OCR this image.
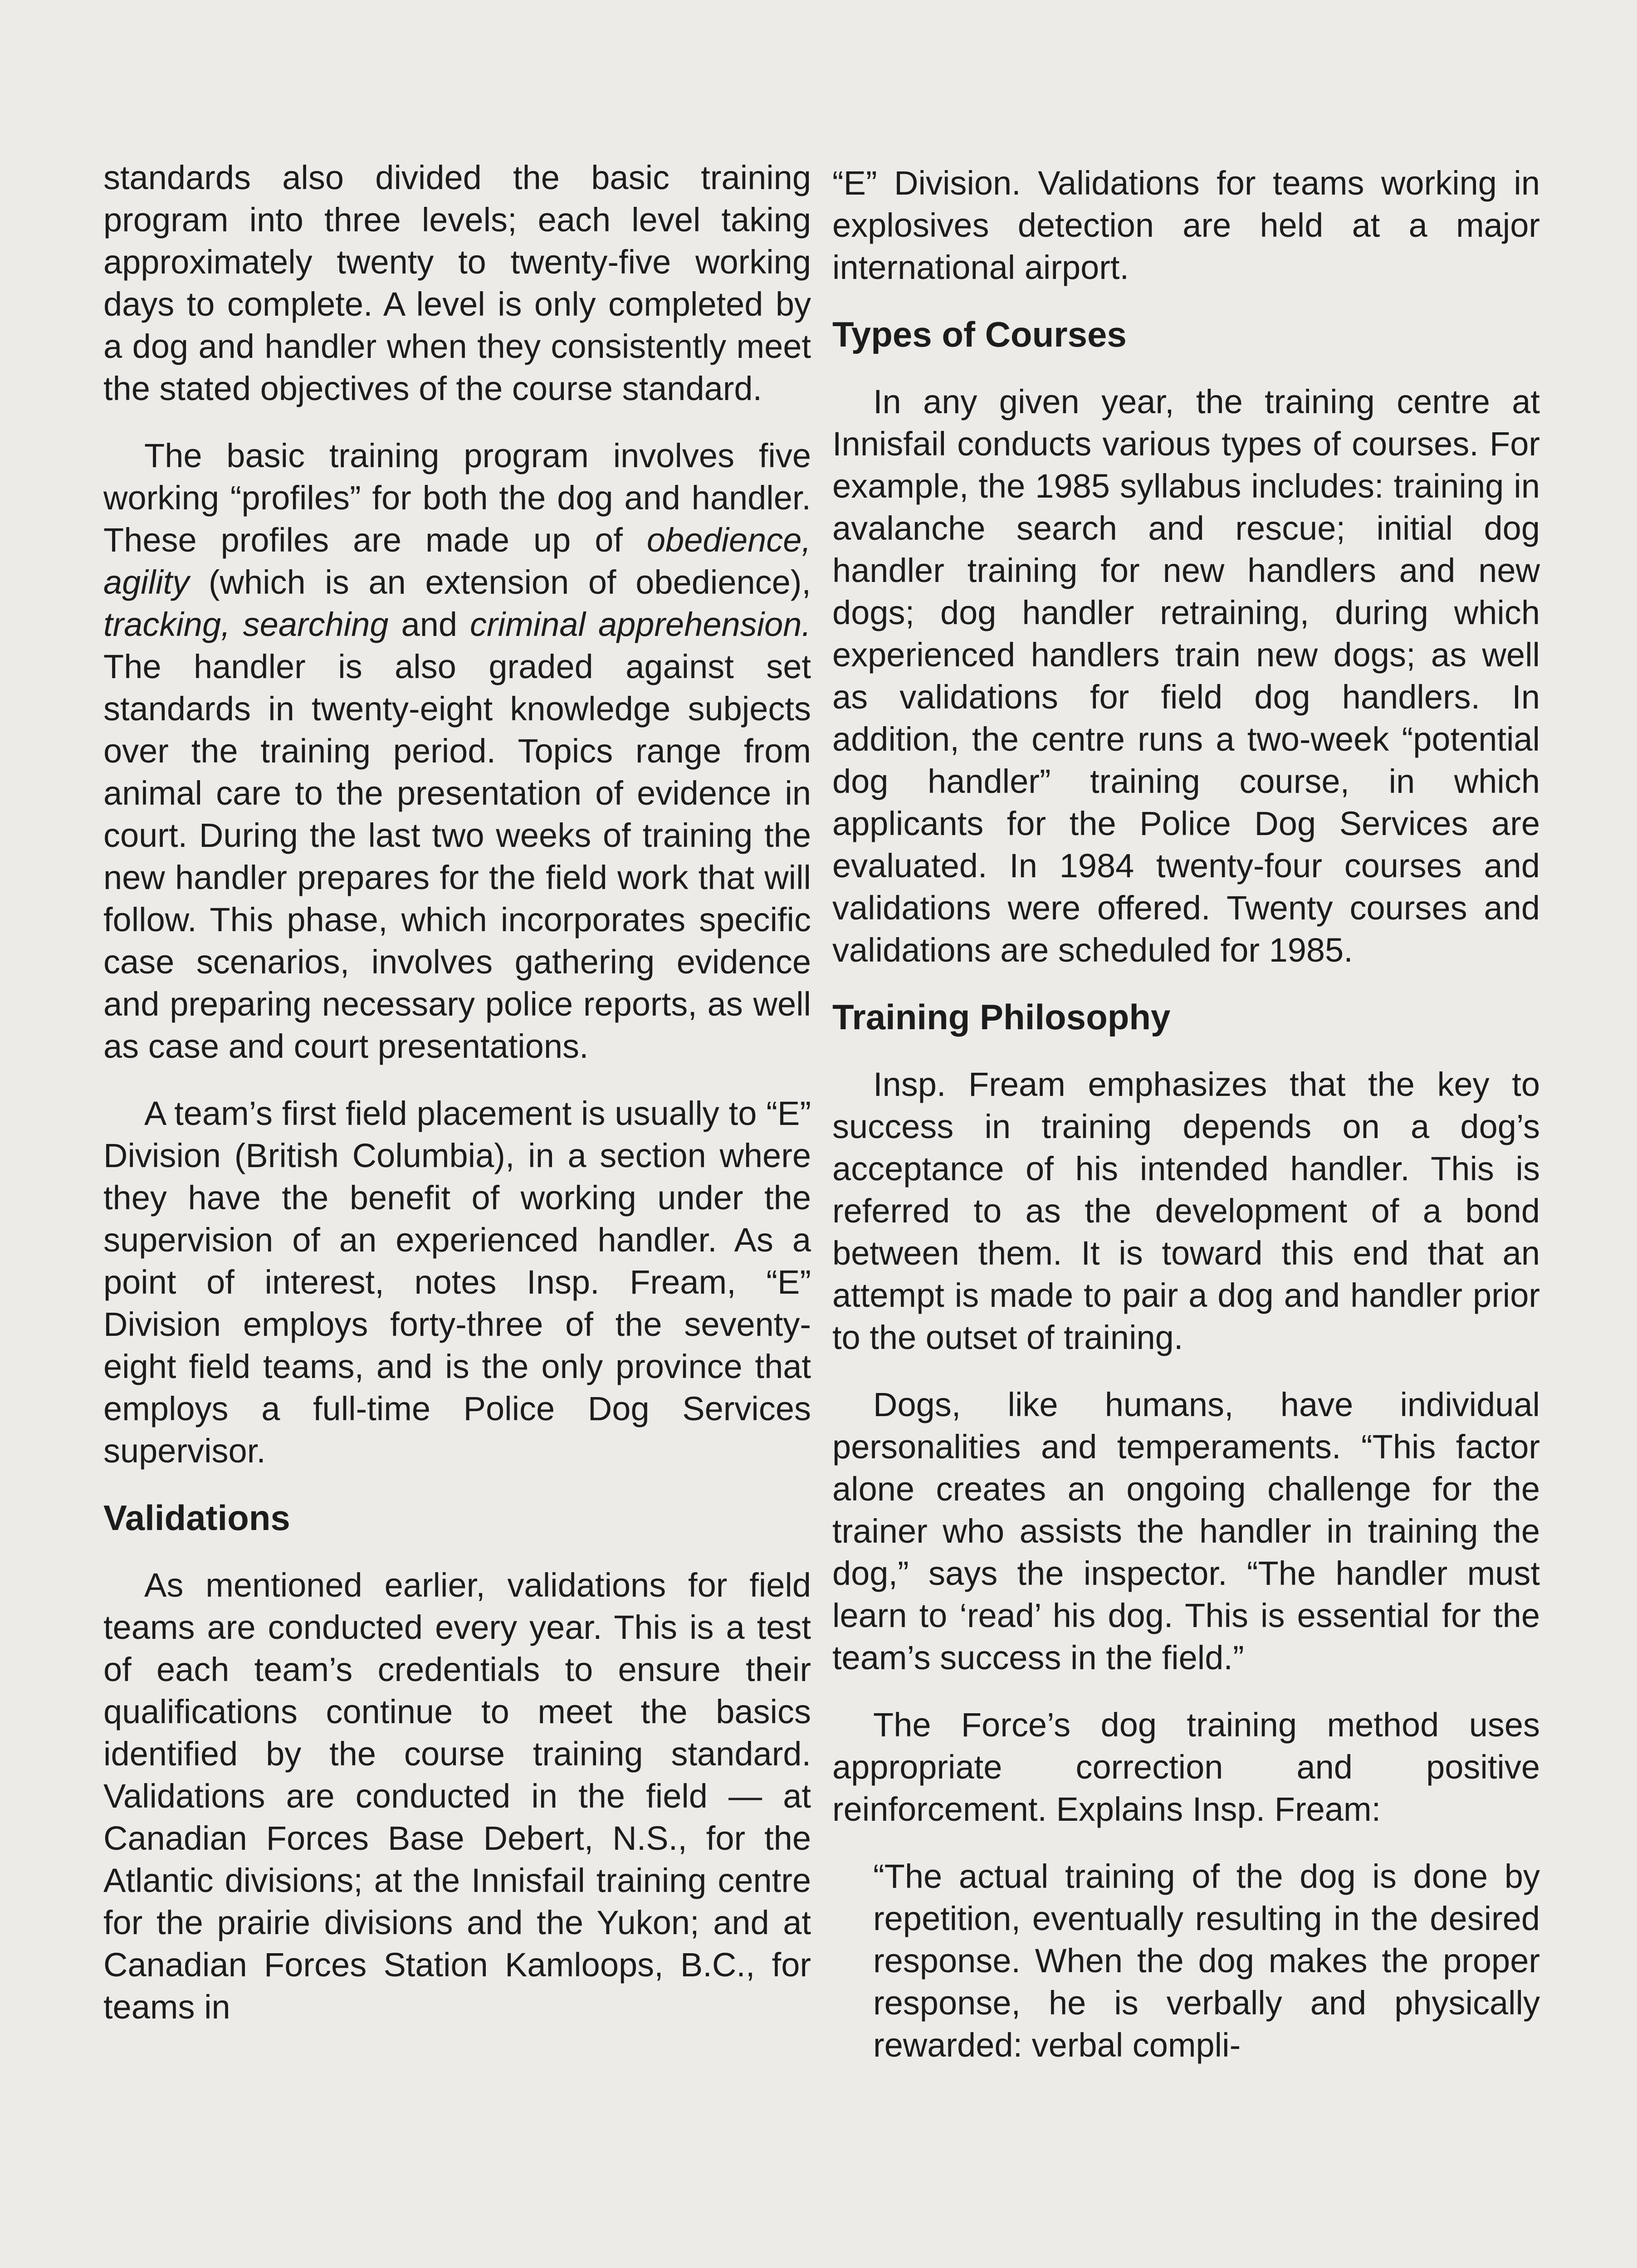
standards also divided the basic training program into three levels; each level taking approximately twenty to twenty-five working days to complete. A level is only completed by a dog and handler when they consistently meet the stated objectives of the course standard.

The basic training program involves five working “profiles” for both the dog and handler. These profiles are made up of obedience, agility (which is an extension of obedience), tracking, searching and criminal apprehension. The handler is also graded against set standards in twenty-eight knowledge subjects over the training period. Topics range from animal care to the presentation of evidence in court. During the last two weeks of training the new handler prepares for the field work that will follow. This phase, which incorporates specific case scenarios, involves gathering evidence and preparing necessary police reports, as well as case and court presentations.

A team’s first field placement is usually to “E” Division (British Columbia), in a section where they have the benefit of working under the supervision of an experienced handler. As a point of interest, notes Insp. Fream, “E” Division employs forty-three of the seventy-eight field teams, and is the only province that employs a full-time Police Dog Services supervisor.

Validations

As mentioned earlier, validations for field teams are conducted every year. This is a test of each team’s credentials to ensure their qualifications continue to meet the basics identified by the course training standard. Validations are conducted in the field — at Canadian Forces Base Debert, N.S., for the Atlantic divisions; at the Innisfail training centre for the prairie divisions and the Yukon; and at Canadian Forces Station Kamloops, B.C., for teams in

“E” Division. Validations for teams working in explosives detection are held at a major international airport.

Types of Courses

In any given year, the training centre at Innisfail conducts various types of courses. For example, the 1985 syllabus includes: training in avalanche search and rescue; initial dog handler training for new handlers and new dogs; dog handler retraining, during which experienced handlers train new dogs; as well as validations for field dog handlers. In addition, the centre runs a two-week “potential dog handler” training course, in which applicants for the Police Dog Services are evaluated. In 1984 twenty-four courses and validations were offered. Twenty courses and validations are scheduled for 1985.

Training Philosophy

Insp. Fream emphasizes that the key to success in training depends on a dog’s acceptance of his intended handler. This is referred to as the development of a bond between them. It is toward this end that an attempt is made to pair a dog and handler prior to the outset of training.

Dogs, like humans, have individual personalities and temperaments. “This factor alone creates an ongoing challenge for the trainer who assists the handler in training the dog,” says the inspector. “The handler must learn to ‘read’ his dog. This is essential for the team’s success in the field.”

The Force’s dog training method uses appropriate correction and positive reinforcement. Explains Insp. Fream:

“The actual training of the dog is done by repetition, eventually resulting in the desired response. When the dog makes the proper response, he is verbally and physically rewarded: verbal compli-
